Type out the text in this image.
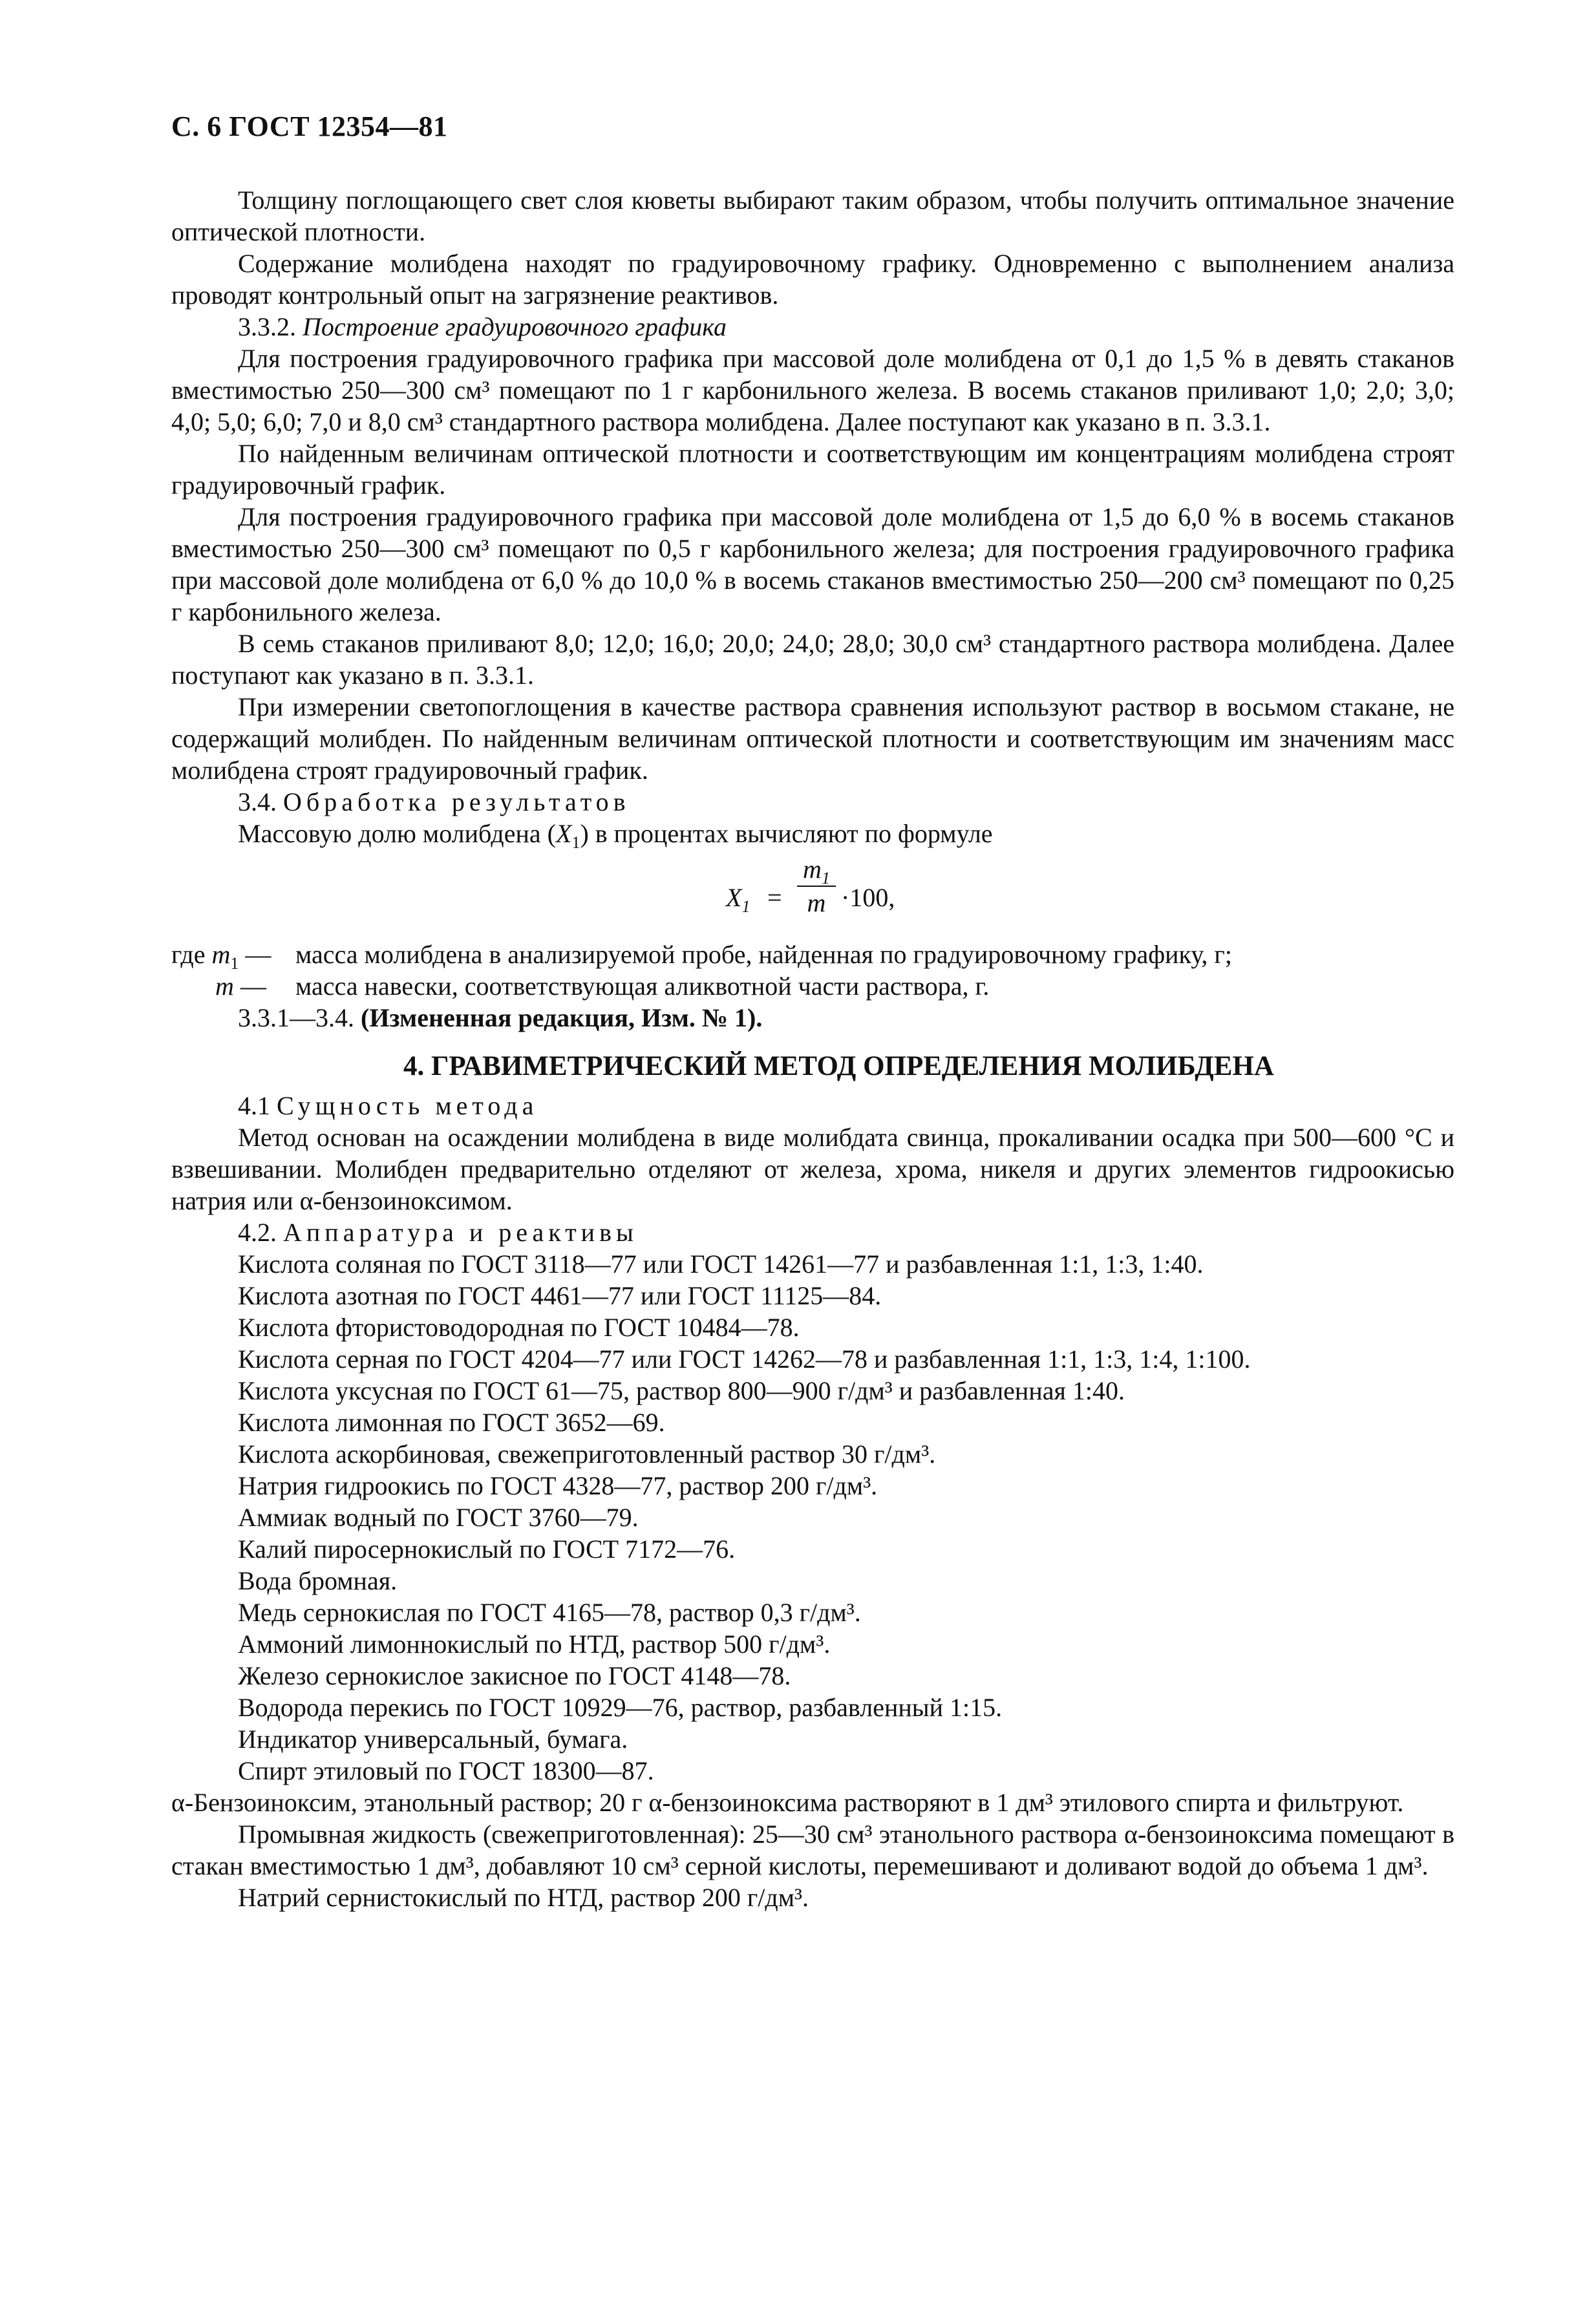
С. 6 ГОСТ 12354—81

Толщину поглощающего свет слоя кюветы выбирают таким образом, чтобы получить оптимальное значение оптической плотности.

Содержание молибдена находят по градуировочному графику. Одновременно с выполнением анализа проводят контрольный опыт на загрязнение реактивов.

3.3.2. Построение градуировочного графика

Для построения градуировочного графика при массовой доле молибдена от 0,1 до 1,5 % в девять стаканов вместимостью 250—300 см³ помещают по 1 г карбонильного железа. В восемь стаканов приливают 1,0; 2,0; 3,0; 4,0; 5,0; 6,0; 7,0 и 8,0 см³ стандартного раствора молибдена. Далее поступают как указано в п. 3.3.1.

По найденным величинам оптической плотности и соответствующим им концентрациям молибдена строят градуировочный график.

Для построения градуировочного графика при массовой доле молибдена от 1,5 до 6,0 % в восемь стаканов вместимостью 250—300 см³ помещают по 0,5 г карбонильного железа; для построения градуировочного графика при массовой доле молибдена от 6,0 % до 10,0 % в восемь стаканов вместимостью 250—200 см³ помещают по 0,25 г карбонильного железа.

В семь стаканов приливают 8,0; 12,0; 16,0; 20,0; 24,0; 28,0; 30,0 см³ стандартного раствора молибдена. Далее поступают как указано в п. 3.3.1.

При измерении светопоглощения в качестве раствора сравнения используют раствор в восьмом стакане, не содержащий молибден. По найденным величинам оптической плотности и соответствующим им значениям масс молибдена строят градуировочный график.

3.4. Обработка результатов

Массовую долю молибдена $(X_1)$ в процентах вычисляют по формуле

$X_1$ =
$m_1$
m ·100,
где $m_1$ — масса молибдена в анализируемой пробе, найденная по градуировочному графику, г;
m — масса навески, соответствующая аликвотной части раствора, г.

3.3.1—3.4. (Измененная редакция, Изм. № 1).

4. ГРАВИМЕТРИЧЕСКИЙ МЕТОД ОПРЕДЕЛЕНИЯ МОЛИБДЕНА

4.1 Сущность метода

Метод основан на осаждении молибдена в виде молибдата свинца, прокаливании осадка при 500—600 °С и взвешивании. Молибден предварительно отделяют от железа, хрома, никеля и других элементов гидроокисью натрия или α-бензоиноксимом.

4.2. Аппаратура и реактивы

Кислота соляная по ГОСТ 3118—77 или ГОСТ 14261—77 и разбавленная 1:1, 1:3, 1:40.

Кислота азотная по ГОСТ 4461—77 или ГОСТ 11125—84.

Кислота фтористоводородная по ГОСТ 10484—78.

Кислота серная по ГОСТ 4204—77 или ГОСТ 14262—78 и разбавленная 1:1, 1:3, 1:4, 1:100.

Кислота уксусная по ГОСТ 61—75, раствор 800—900 г/дм³ и разбавленная 1:40.

Кислота лимонная по ГОСТ 3652—69.

Кислота аскорбиновая, свежеприготовленный раствор 30 г/дм³.

Натрия гидроокись по ГОСТ 4328—77, раствор 200 г/дм³.

Аммиак водный по ГОСТ 3760—79.

Калий пиросернокислый по ГОСТ 7172—76.

Вода бромная.

Медь сернокислая по ГОСТ 4165—78, раствор 0,3 г/дм³.

Аммоний лимоннокислый по НТД, раствор 500 г/дм³.

Железо сернокислое закисное по ГОСТ 4148—78.

Водорода перекись по ГОСТ 10929—76, раствор, разбавленный 1:15.

Индикатор универсальный, бумага.

Спирт этиловый по ГОСТ 18300—87.

α-Бензоиноксим, этанольный раствор; 20 г α-бензоиноксима растворяют в 1 дм³ этилового спирта и фильтруют.

Промывная жидкость (свежеприготовленная): 25—30 см³ этанольного раствора α-бензоиноксима помещают в стакан вместимостью 1 дм³, добавляют 10 см³ серной кислоты, перемешивают и доливают водой до объема 1 дм³.

Натрий сернистокислый по НТД, раствор 200 г/дм³.
